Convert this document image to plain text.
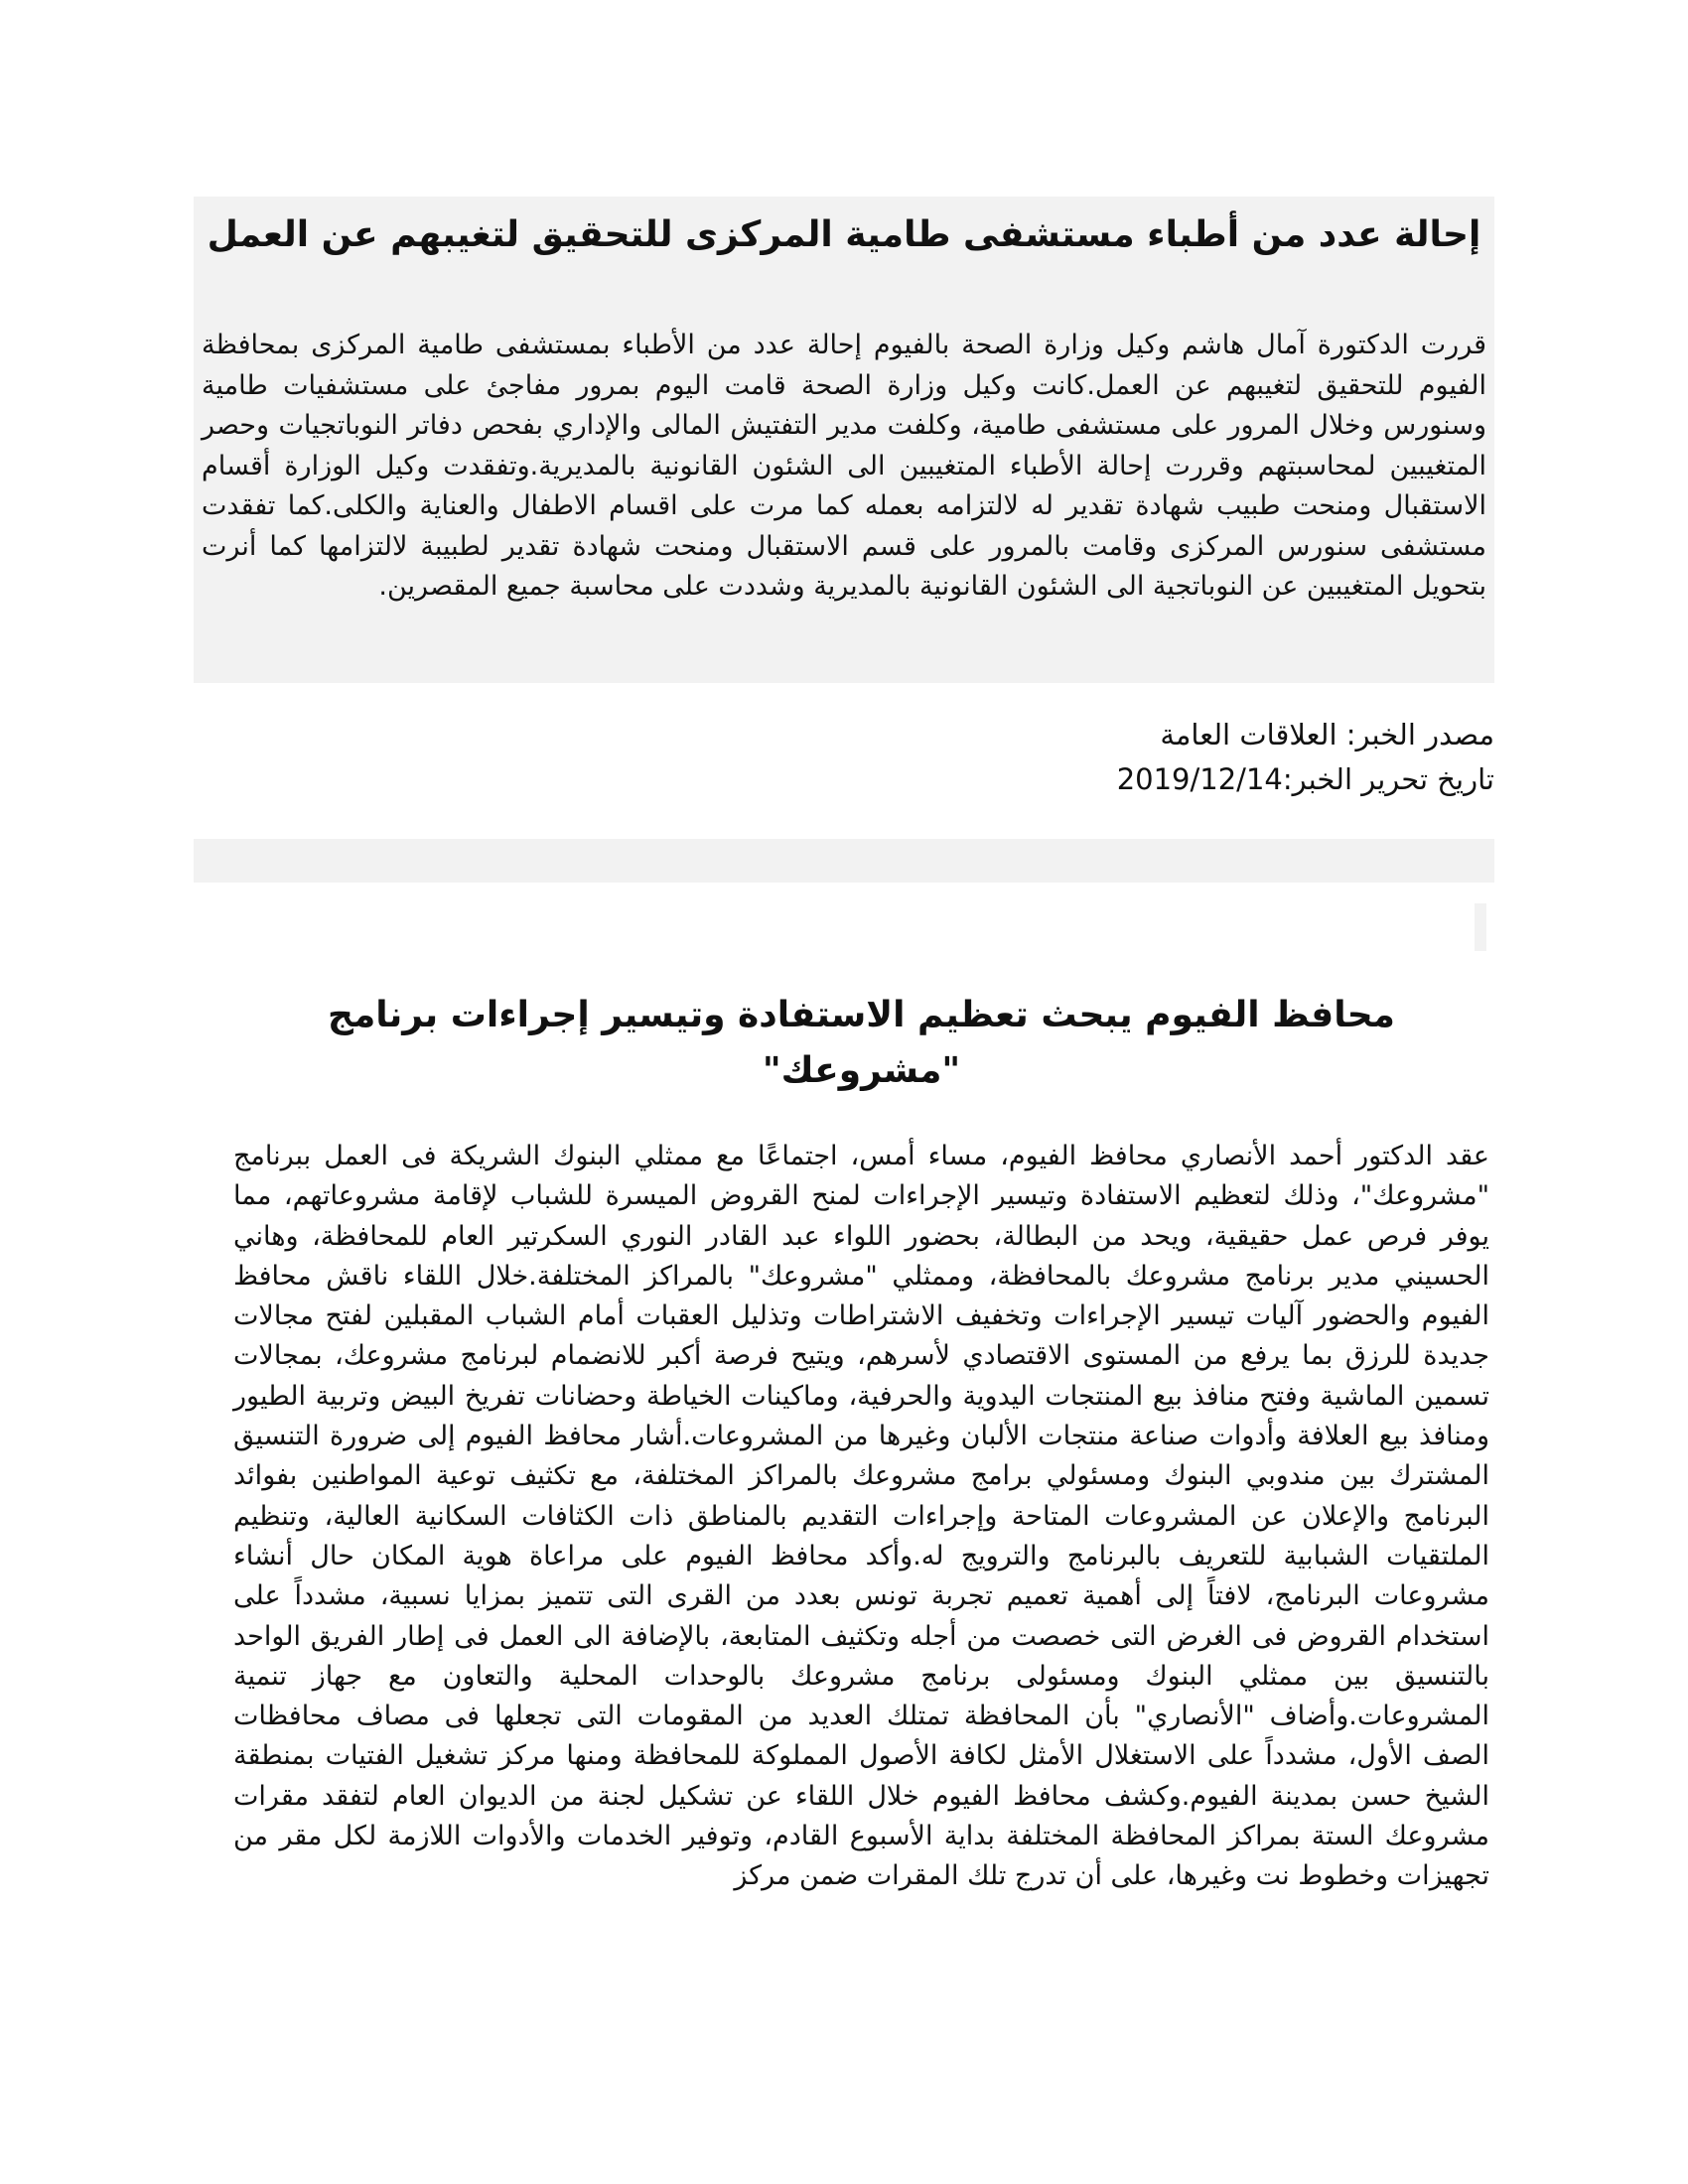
إحالة عدد من أطباء مستشفى طامية المركزى للتحقيق لتغيبهم عن العمل

قررت الدكتورة آمال هاشم وكيل وزارة الصحة بالفيوم إحالة عدد من الأطباء بمستشفى طامية المركزى بمحافظة الفيوم للتحقيق لتغيبهم عن العمل.كانت وكيل وزارة الصحة قامت اليوم بمرور مفاجئ على مستشفيات طامية وسنورس وخلال المرور على مستشفى طامية، وكلفت مدير التفتيش المالى والإداري بفحص دفاتر النوباتجيات وحصر المتغيبين لمحاسبتهم وقررت إحالة الأطباء المتغيبين الى الشئون القانونية بالمديرية.وتفقدت وكيل الوزارة أقسام الاستقبال ومنحت طبيب شهادة تقدير له لالتزامه بعمله كما مرت على اقسام الاطفال والعناية والكلى.كما تفقدت مستشفى سنورس المركزى وقامت بالمرور على قسم الاستقبال ومنحت شهادة تقدير لطبيبة لالتزامها كما أنرت بتحويل المتغيبين عن النوباتجية الى الشئون القانونية بالمديرية وشددت على محاسبة جميع المقصرين.

مصدر الخبر: العلاقات العامة
تاريخ تحرير الخبر:2019/12/14
محافظ الفيوم يبحث تعظيم الاستفادة وتيسير إجراءات برنامج "مشروعك"

عقد الدكتور أحمد الأنصاري محافظ الفيوم، مساء أمس، اجتماعًا مع ممثلي البنوك الشريكة فى العمل ببرنامج "مشروعك"، وذلك لتعظيم الاستفادة وتيسير الإجراءات لمنح القروض الميسرة للشباب لإقامة مشروعاتهم، مما يوفر فرص عمل حقيقية، ويحد من البطالة، بحضور اللواء عبد القادر النوري السكرتير العام للمحافظة، وهاني الحسيني مدير برنامج مشروعك بالمحافظة، وممثلي "مشروعك" بالمراكز المختلفة.خلال اللقاء ناقش محافظ الفيوم والحضور آليات تيسير الإجراءات وتخفيف الاشتراطات وتذليل العقبات أمام الشباب المقبلين لفتح مجالات جديدة للرزق بما يرفع من المستوى الاقتصادي لأسرهم، ويتيح فرصة أكبر للانضمام لبرنامج مشروعك، بمجالات تسمين الماشية وفتح منافذ بيع المنتجات اليدوية والحرفية، وماكينات الخياطة وحضانات تفريخ البيض وتربية الطيور ومنافذ بيع العلافة وأدوات صناعة منتجات الألبان وغيرها من المشروعات.أشار محافظ الفيوم إلى ضرورة التنسيق المشترك بين مندوبي البنوك ومسئولي برامج مشروعك بالمراكز المختلفة، مع تكثيف توعية المواطنين بفوائد البرنامج والإعلان عن المشروعات المتاحة وإجراءات التقديم بالمناطق ذات الكثافات السكانية العالية، وتنظيم الملتقيات الشبابية للتعريف بالبرنامج والترويج له.وأكد محافظ الفيوم على مراعاة هوية المكان حال أنشاء مشروعات البرنامج، لافتاً إلى أهمية تعميم تجربة تونس بعدد من القرى التى تتميز بمزايا نسبية، مشدداً على استخدام القروض فى الغرض التى خصصت من أجله وتكثيف المتابعة، بالإضافة الى العمل فى إطار الفريق الواحد بالتنسيق بين ممثلي البنوك ومسئولى برنامج مشروعك بالوحدات المحلية والتعاون مع جهاز تنمية المشروعات.وأضاف "الأنصاري" بأن المحافظة تمتلك العديد من المقومات التى تجعلها فى مصاف محافظات الصف الأول، مشدداً على الاستغلال الأمثل لكافة الأصول المملوكة للمحافظة ومنها مركز تشغيل الفتيات بمنطقة الشيخ حسن بمدينة الفيوم.وكشف محافظ الفيوم خلال اللقاء عن تشكيل لجنة من الديوان العام لتفقد مقرات مشروعك الستة بمراكز المحافظة المختلفة بداية الأسبوع القادم، وتوفير الخدمات والأدوات اللازمة لكل مقر من تجهيزات وخطوط نت وغيرها، على أن تدرج تلك المقرات ضمن مركز
